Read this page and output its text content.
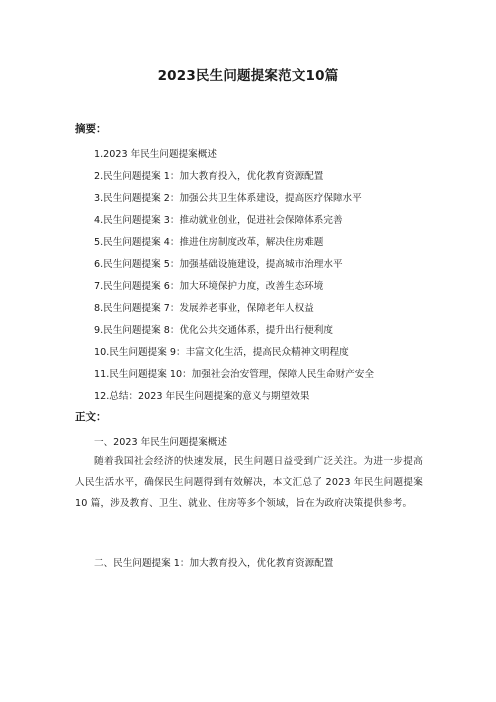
2023民生问题提案范文10篇
摘要：
1.2023 年民生问题提案概述
2.民生问题提案 1：加大教育投入，优化教育资源配置
3.民生问题提案 2：加强公共卫生体系建设，提高医疗保障水平
4.民生问题提案 3：推动就业创业，促进社会保障体系完善
5.民生问题提案 4：推进住房制度改革，解决住房难题
6.民生问题提案 5：加强基础设施建设，提高城市治理水平
7.民生问题提案 6：加大环境保护力度，改善生态环境
8.民生问题提案 7：发展养老事业，保障老年人权益
9.民生问题提案 8：优化公共交通体系，提升出行便利度
10.民生问题提案 9：丰富文化生活，提高民众精神文明程度
11.民生问题提案 10：加强社会治安管理，保障人民生命财产安全
12.总结：2023 年民生问题提案的意义与期望效果
正文：
一、2023 年民生问题提案概述
随着我国社会经济的快速发展，民生问题日益受到广泛关注。为进一步提高人民生活水平，确保民生问题得到有效解决，本文汇总了 2023 年民生问题提案 10 篇，涉及教育、卫生、就业、住房等多个领域，旨在为政府决策提供参考。
二、民生问题提案 1：加大教育投入，优化教育资源配置
